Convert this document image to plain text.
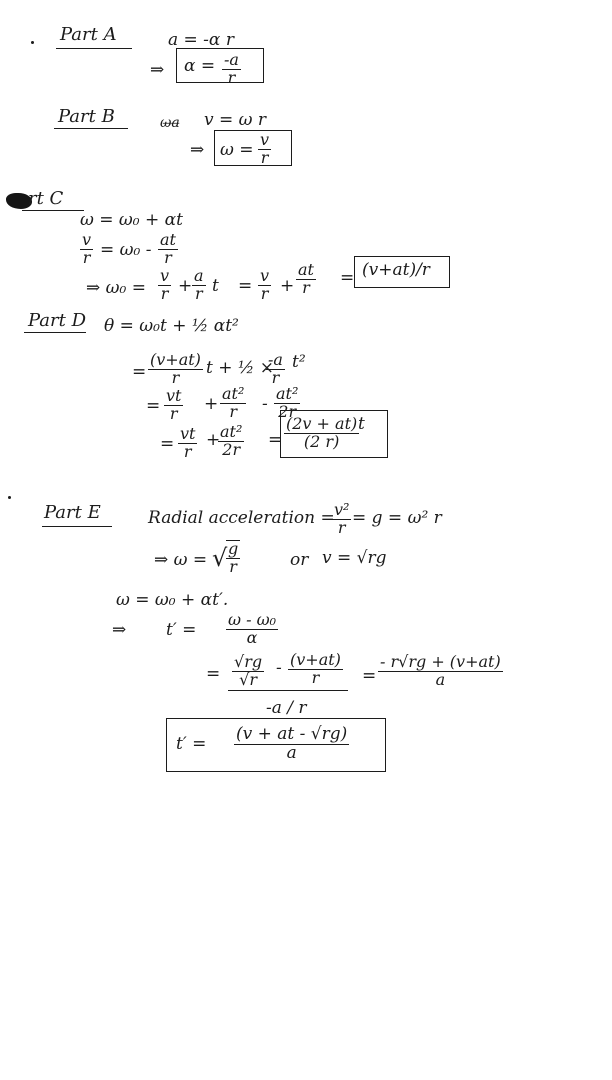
Part A	a = -α r
⇒ $\alpha = \frac{-a}{r}$
Part B	ω̶a̶ v = ω r
⇒ $\omega = \frac{v}{r}$
rt C
ω = ω₀ + αt
$\frac{v}{r} = \omega_0 - \frac{at}{r}$
⇒ $\omega_0 = \frac{v}{r} + \frac{a}{r}$ $t = \frac{v}{r} + \frac{at}{r} = (v+at)/r$
Part D θ = ω₀t + ½ αt²
= $\frac{(v+at)}{r}$ t + ½ ×
$\frac{-a}{r} t^2$
= $\frac{vt}{r} + \frac{\text{at²}}{r} - \frac{\text{at²}}{2r}$
= $\frac{vt}{r}$ +
$\frac{\text{at²}}{2r} = \frac{(2v + at)}{(2 r)}$
t
Part E	Radial acceleration =
$\frac{\text{v²}}{r} = g = \omega^2$ r
⇒ ω = √
$\frac{g}{r}$	or v = √rg
ω = ω₀ + αt′.
⇒ $t' = \frac{\text{ω - ω₀}}{\alpha}$
= $\frac{√rg}{√r} - \frac{(v+at)}{r}$
-a / r
= $\frac{- r√rg + (v+at)}{a}$
$t' = \frac{(v + at - √rg)}{a}$
